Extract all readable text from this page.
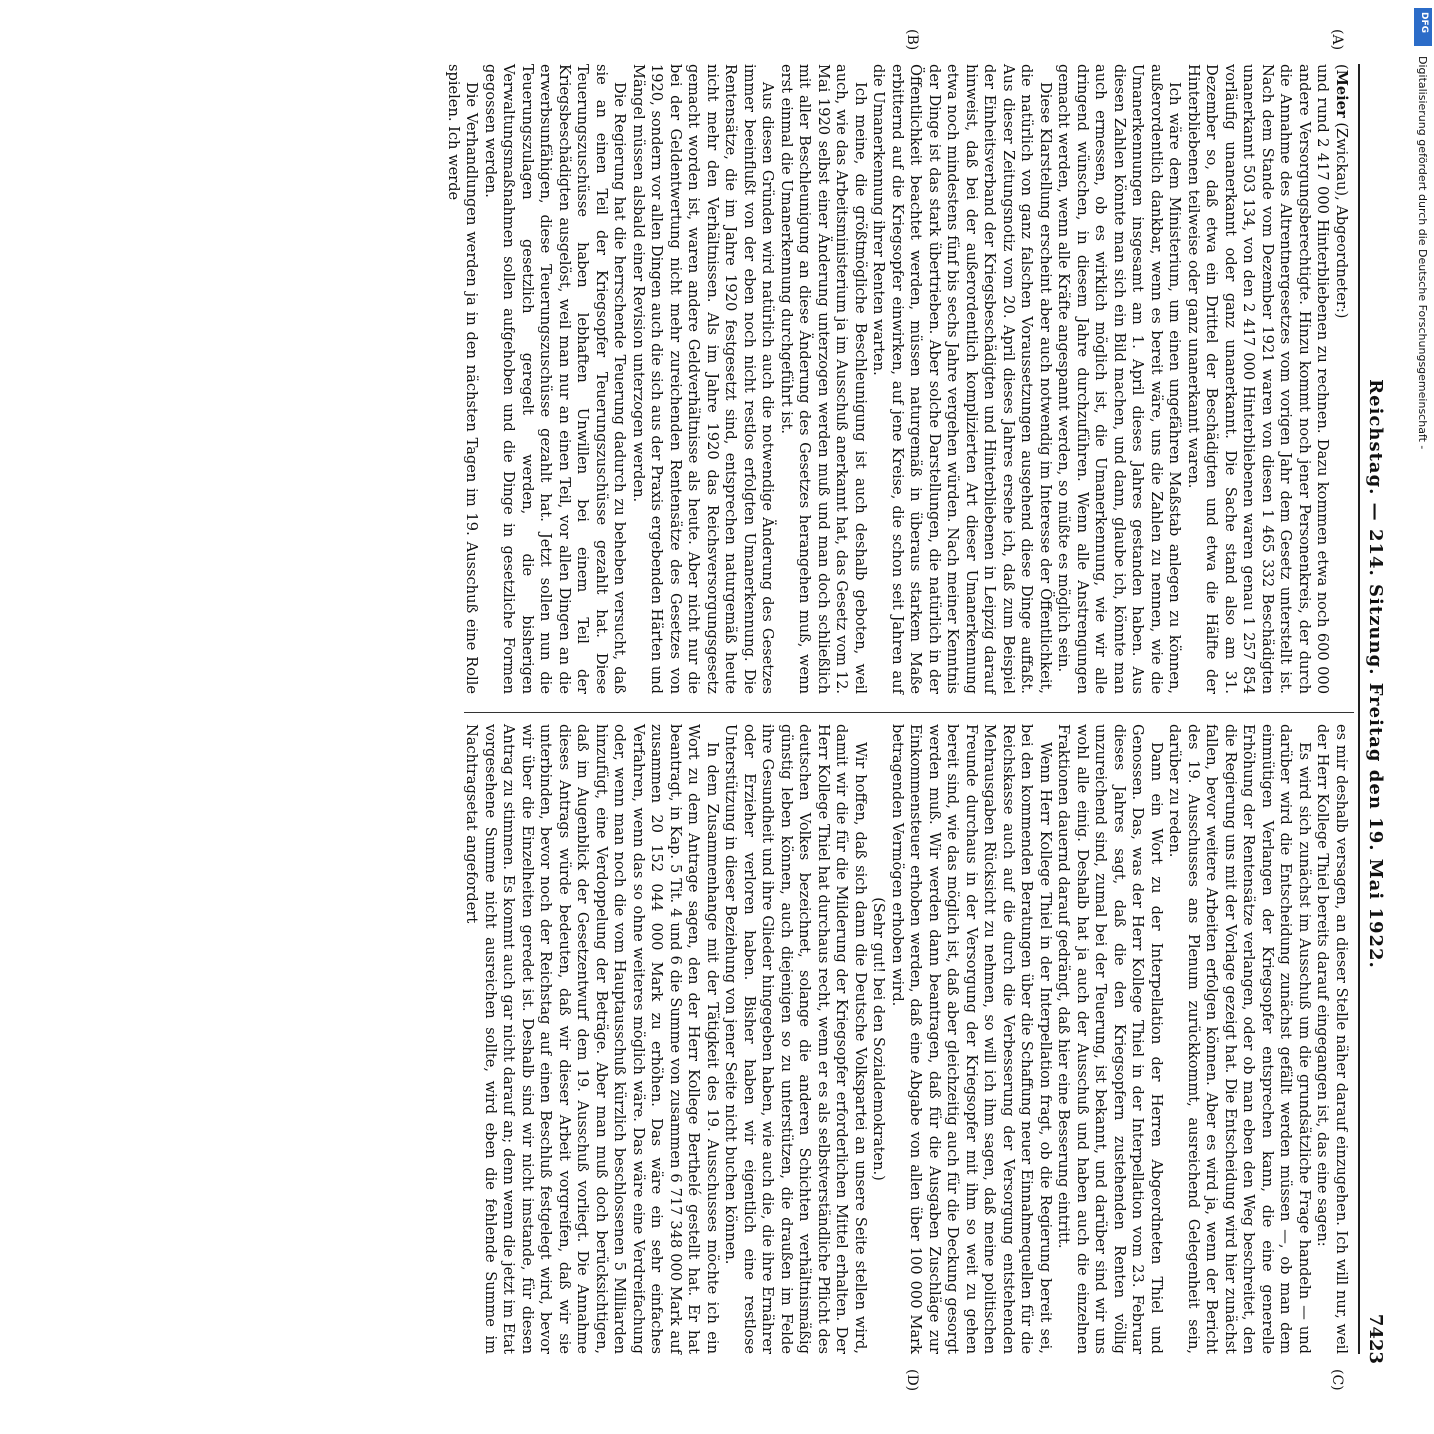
Reichstag. — 214. Sitzung. Freitag den 19. Mai 1922.
7423
(A)
(B)
(C)
(D)

(Meier (Zwickau), Abgeordneter:)

und rund 2 417 000 Hinterbliebenen zu rechnen. Dazu kommen etwa noch 600 000 andere Versorgungsberechtigte. Hinzu kommt noch jener Personenkreis, der durch die Annahme des Altrentnergesetzes vom vorigen Jahr dem Gesetz unterstellt ist. Nach dem Stande vom Dezember 1921 waren von diesen 1 465 332 Beschädigten unanerkannt 503 134, von den 2 417 000 Hinterbliebenen waren genau 1 257 854 vorläufig unanerkannt oder ganz unanerkannt. Die Sache stand also am 31. Dezember so, daß etwa ein Drittel der Beschädigten und etwa die Hälfte der Hinterbliebenen teilweise oder ganz unanerkannt waren.

Ich wäre dem Ministerium, um einen ungefähren Maßstab anlegen zu können, außerordentlich dankbar, wenn es bereit wäre, uns die Zahlen zu nennen, wie die Umanerkennungen insgesamt am 1. April dieses Jahres gestanden haben. Aus diesen Zahlen könnte man sich ein Bild machen, und dann, glaube ich, könnte man auch ermessen, ob es wirklich möglich ist, die Umanerkennung, wie wir alle dringend wünschen, in diesem Jahre durchzuführen. Wenn alle Anstrengungen gemacht werden, wenn alle Kräfte angespannt werden, so müßte es möglich sein.

Diese Klarstellung erscheint aber auch notwendig im Interesse der Öffentlichkeit, die natürlich von ganz falschen Voraussetzungen ausgehend diese Dinge auffaßt. Aus dieser Zeitungsnotiz vom 20. April dieses Jahres ersehe ich, daß zum Beispiel der Einheitsverband der Kriegsbeschädigten und Hinterbliebenen in Leipzig darauf hinweist, daß bei der außerordentlich komplizierten Art dieser Umanerkennung etwa noch mindestens fünf bis sechs Jahre vergehen würden. Nach meiner Kenntnis der Dinge ist das stark übertrieben. Aber solche Darstellungen, die natürlich in der Öffentlichkeit beachtet werden, müssen naturgemäß in überaus starkem Maße erbitternd auf die Kriegsopfer einwirken, auf jene Kreise, die schon seit Jahren auf die Umanerkennung ihrer Renten warten.

Ich meine, die größtmögliche Beschleunigung ist auch deshalb geboten, weil auch, wie das Arbeitsministerium ja im Ausschuß anerkannt hat, das Gesetz vom 12. Mai 1920 selbst einer Änderung unterzogen werden muß und man doch schließlich mit aller Beschleunigung an diese Änderung des Gesetzes herangehen muß, wenn erst einmal die Umanerkennung durchgeführt ist.

Aus diesen Gründen wird natürlich auch die notwendige Änderung des Gesetzes immer beeinflußt von der eben noch nicht restlos erfolgten Umanerkennung. Die Rentensätze, die im Jahre 1920 festgesetzt sind, entsprechen naturgemäß heute nicht mehr den Verhältnissen. Als im Jahre 1920 das Reichsversorgungsgesetz gemacht worden ist, waren andere Geldverhältnisse als heute. Aber nicht nur die bei der Geldentwertung nicht mehr zureichenden Rentensätze des Gesetzes von 1920, sondern vor allen Dingen auch die sich aus der Praxis ergebenden Härten und Mängel müssen alsbald einer Revision unterzogen werden.

Die Regierung hat die herrschende Teuerung dadurch zu beheben versucht, daß sie an einen Teil der Kriegsopfer Teuerungszuschüsse gezahlt hat. Diese Teuerungszuschüsse haben lebhaften Unwillen bei einem Teil der Kriegsbeschädigten ausgelöst, weil man nur an einen Teil, vor allen Dingen an die erwerbsunfähigen, diese Teuerungszuschüsse gezahlt hat. Jetzt sollen nun die Teuerungszulagen gesetzlich geregelt werden, die bisherigen Verwaltungsmaßnahmen sollen aufgehoben und die Dinge in gesetzliche Formen gegossen werden.

Die Verhandlungen werden ja in den nächsten Tagen im 19. Ausschuß eine Rolle spielen. Ich werde

es mir deshalb versagen, an dieser Stelle näher darauf einzugehen. Ich will nur, weil der Herr Kollege Thiel bereits darauf eingegangen ist, das eine sagen:

Es wird sich zunächst im Ausschuß um die grundsätzliche Frage handeln — und darüber wird die Entscheidung zunächst gefällt werden müssen —, ob man dem einmütigen Verlangen der Kriegsopfer entsprechen kann, die eine generelle Erhöhung der Rentensätze verlangen, oder ob man eben den Weg beschreitet, den die Regierung uns mit der Vorlage gezeigt hat. Die Entscheidung wird hier zunächst fallen, bevor weitere Arbeiten erfolgen können. Aber es wird ja, wenn der Bericht des 19. Ausschusses ans Plenum zurückkommt, ausreichend Gelegenheit sein, darüber zu reden.

Dann ein Wort zu der Interpellation der Herren Abgeordneten Thiel und Genossen. Das, was der Herr Kollege Thiel in der Interpellation vom 23. Februar dieses Jahres sagt, daß die den Kriegsopfern zustehenden Renten völlig unzureichend sind, zumal bei der Teuerung, ist bekannt, und darüber sind wir uns wohl alle einig. Deshalb hat ja auch der Ausschuß und haben auch die einzelnen Fraktionen dauernd darauf gedrängt, daß hier eine Besserung eintritt.

Wenn Herr Kollege Thiel in der Interpellation fragt, ob die Regierung bereit sei, bei den kommenden Beratungen über die Schaffung neuer Einnahmequellen für die Reichskasse auch auf die durch die Verbesserung der Versorgung entstehenden Mehrausgaben Rücksicht zu nehmen, so will ich ihm sagen, daß meine politischen Freunde durchaus in der Versorgung der Kriegsopfer mit ihm so weit zu gehen bereit sind, wie das möglich ist, daß aber gleichzeitig auch für die Deckung gesorgt werden muß. Wir werden dann beantragen, daß für die Ausgaben Zuschläge zur Einkommensteuer erhoben werden, daß eine Abgabe von allen über 100 000 Mark betragenden Vermögen erhoben wird.

(Sehr gut! bei den Sozialdemokraten.)

Wir hoffen, daß sich dann die Deutsche Volkspartei an unsere Seite stellen wird, damit wir die für die Milderung der Kriegsopfer erforderlichen Mittel erhalten. Der Herr Kollege Thiel hat durchaus recht, wenn er es als selbstverständliche Pflicht des deutschen Volkes bezeichnet, solange die anderen Schichten verhältnismäßig günstig leben können, auch diejenigen so zu unterstützen, die draußen im Felde ihre Gesundheit und ihre Glieder hingegeben haben, wie auch die, die ihre Ernährer oder Erzieher verloren haben. Bisher haben wir eigentlich eine restlose Unterstützung in dieser Beziehung von jener Seite nicht buchen können.

In dem Zusammenhange mit der Tätigkeit des 19. Ausschusses möchte ich ein Wort zu dem Antrage sagen, den der Herr Kollege Berthelé gestellt hat. Er hat beantragt, in Kap. 5 Tit. 4 und 6 die Summe von zusammen 6 717 348 000 Mark auf zusammen 20 152 044 000 Mark zu erhöhen. Das wäre ein sehr einfaches Verfahren, wenn das so ohne weiteres möglich wäre. Das wäre eine Verdreifachung oder, wenn man noch die vom Hauptausschuß kürzlich beschlossenen 5 Milliarden hinzufügt, eine Verdoppelung der Beträge. Aber man muß doch berücksichtigen, daß im Augenblick der Gesetzentwurf dem 19. Ausschuß vorliegt. Die Annahme dieses Antrags würde bedeuten, daß wir dieser Arbeit vorgreifen, daß wir sie unterbinden, bevor noch der Reichstag auf einen Beschluß festgelegt wird, bevor wir über die Einzelheiten geredet ist. Deshalb sind wir nicht imstande, für diesen Antrag zu stimmen. Es kommt auch gar nicht darauf an; denn wenn die jetzt im Etat vorgesehene Summe nicht ausreichen sollte, wird eben die fehlende Summe im Nachtragsetat angefordert

DFG
Digitalisierung gefördert durch die Deutsche Forschungsgemeinschaft -
